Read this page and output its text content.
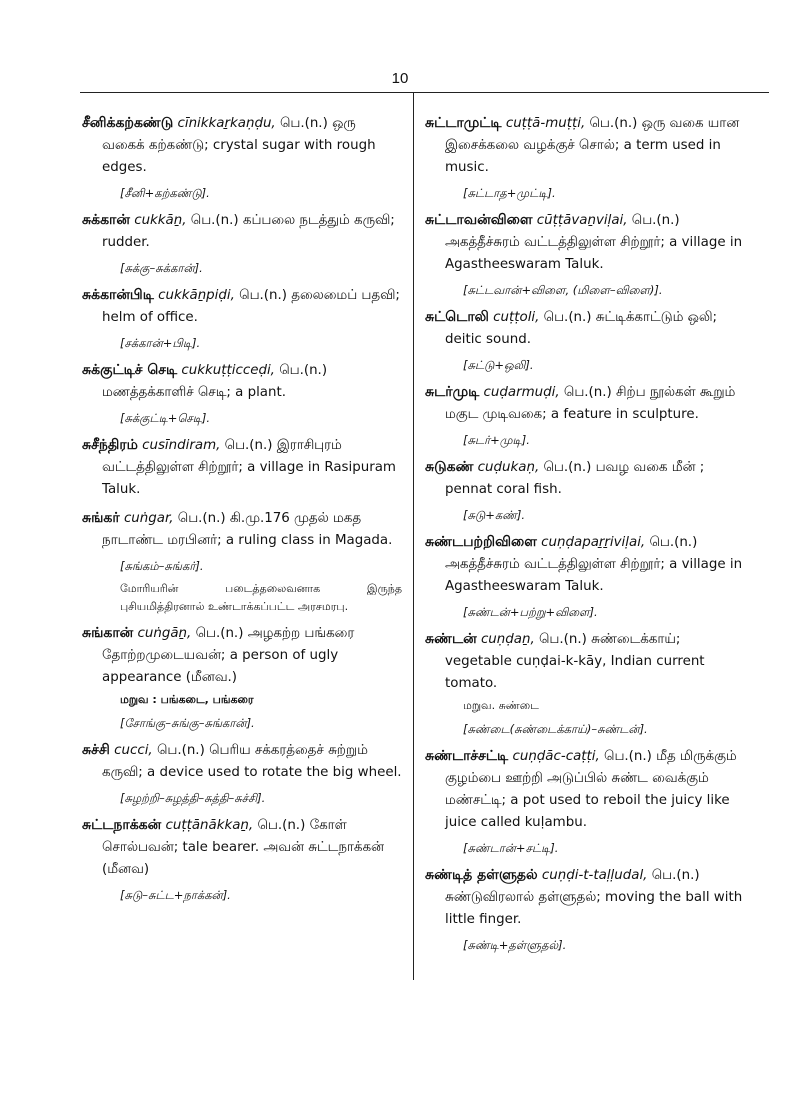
10
சீனிக்கற்கண்டு cīnikkaṟkaṇḍu, பெ.(n.) ஒரு வகைக் கற்கண்டு; crystal sugar with rough edges.
[சீனி+கற்கண்டு].
சுக்கான் cukkāṉ, பெ.(n.) கப்பலை நடத்தும் கருவி; rudder.
[சுக்கு–சுக்கான்].
சுக்கான்பிடி cukkāṉpiḍi, பெ.(n.) தலைமைப் பதவி; helm of office.
[சக்கான்+பிடி].
சுக்குட்டிச் செடி cukkuṭṭicceḍi, பெ.(n.) மணத்தக்காளிச் செடி; a plant.
[சுக்குட்டி+செடி].
சுசீந்திரம் cusīndiram, பெ.(n.) இராசிபுரம் வட்டத்திலுள்ள சிற்றூர்; a village in Rasipuram Taluk.
சுங்கர் cuṅgar, பெ.(n.) கி.மு.176 முதல் மகத நாடாண்ட மரபினர்; a ruling class in Magada.
[சுங்கம்–சுங்கர்].
மோரியரின் படைத்தலைவனாக இருந்த புசியமித்திரனால் உண்டாக்கப்பட்ட அரசமரபு.
சுங்கான் cuṅgāṉ, பெ.(n.) அழகற்ற பங்கரை தோற்றமுடையவன்; a person of ugly appearance (மீனவ.)
மறுவ : பங்கடை, பங்கரை
[சோங்கு–சுங்கு–சுங்கான்].
சுச்சி cucci, பெ.(n.) பெரிய சக்கரத்தைச் சுற்றும் கருவி; a device used to rotate the big wheel.
[சுழற்றி–சுழத்தி–சுத்தி–சுச்சி].
சுட்டநாக்கன் cuṭṭānākkaṉ, பெ.(n.) கோள் சொல்பவன்; tale bearer. அவன் சுட்டநாக்கன் (மீனவ)
[சுடு–சுட்ட+நாக்கன்].
சுட்டாமுட்டி cuṭṭā-muṭṭi, பெ.(n.) ஒரு வகை யான இசைக்கலை வழக்குச் சொல்; a term used in music.
[சுட்டாத+முட்டி].
சுட்டாவன்விளை cūṭṭāvaṉviḷai, பெ.(n.) அகத்தீச்சுரம் வட்டத்திலுள்ள சிற்றூர்; a village in Agastheeswaram Taluk.
[சுட்டவான்+விளை, (மிளை–விளை)].
சுட்டொலி cuṭṭoli, பெ.(n.) சுட்டிக்காட்டும் ஒலி; deitic sound.
[சுட்டு+ஒலி].
சுடர்முடி cuḍarmuḍi, பெ.(n.) சிற்ப நூல்கள் கூறும் மகுட முடிவகை; a feature in sculpture.
[சுடர்+முடி].
சுடுகண் cuḍukaṇ, பெ.(n.) பவழ வகை மீன் ; pennat coral fish.
[சுடு+கண்].
சுண்டபற்றிவிளை cuṇḍapaṟṟiviḷai, பெ.(n.) அகத்தீச்சுரம் வட்டத்திலுள்ள சிற்றூர்; a village in Agastheeswaram Taluk.
[சுண்டன்+பற்று+விளை].
சுண்டன் cuṇḍaṉ, பெ.(n.) சுண்டைக்காய்; vegetable cuṇḍai-k-kāy, Indian current tomato.
மறுவ. சுண்டை
[சுண்டை(சுண்டைக்காய்)–சுண்டன்].
சுண்டாச்சட்டி cuṇḍāc-caṭṭi, பெ.(n.) மீத மிருக்கும் குழம்பை ஊற்றி அடுப்பில் சுண்ட வைக்கும் மண்சட்டி; a pot used to reboil the juicy like juice called kuḷambu.
[சுண்டான்+சட்டி].
சுண்டித் தள்ளுதல் cuṇḍi-t-taḷḷudal, பெ.(n.) சுண்டுவிரலால் தள்ளுதல்; moving the ball with little finger.
[சுண்டி+தள்ளுதல்].
